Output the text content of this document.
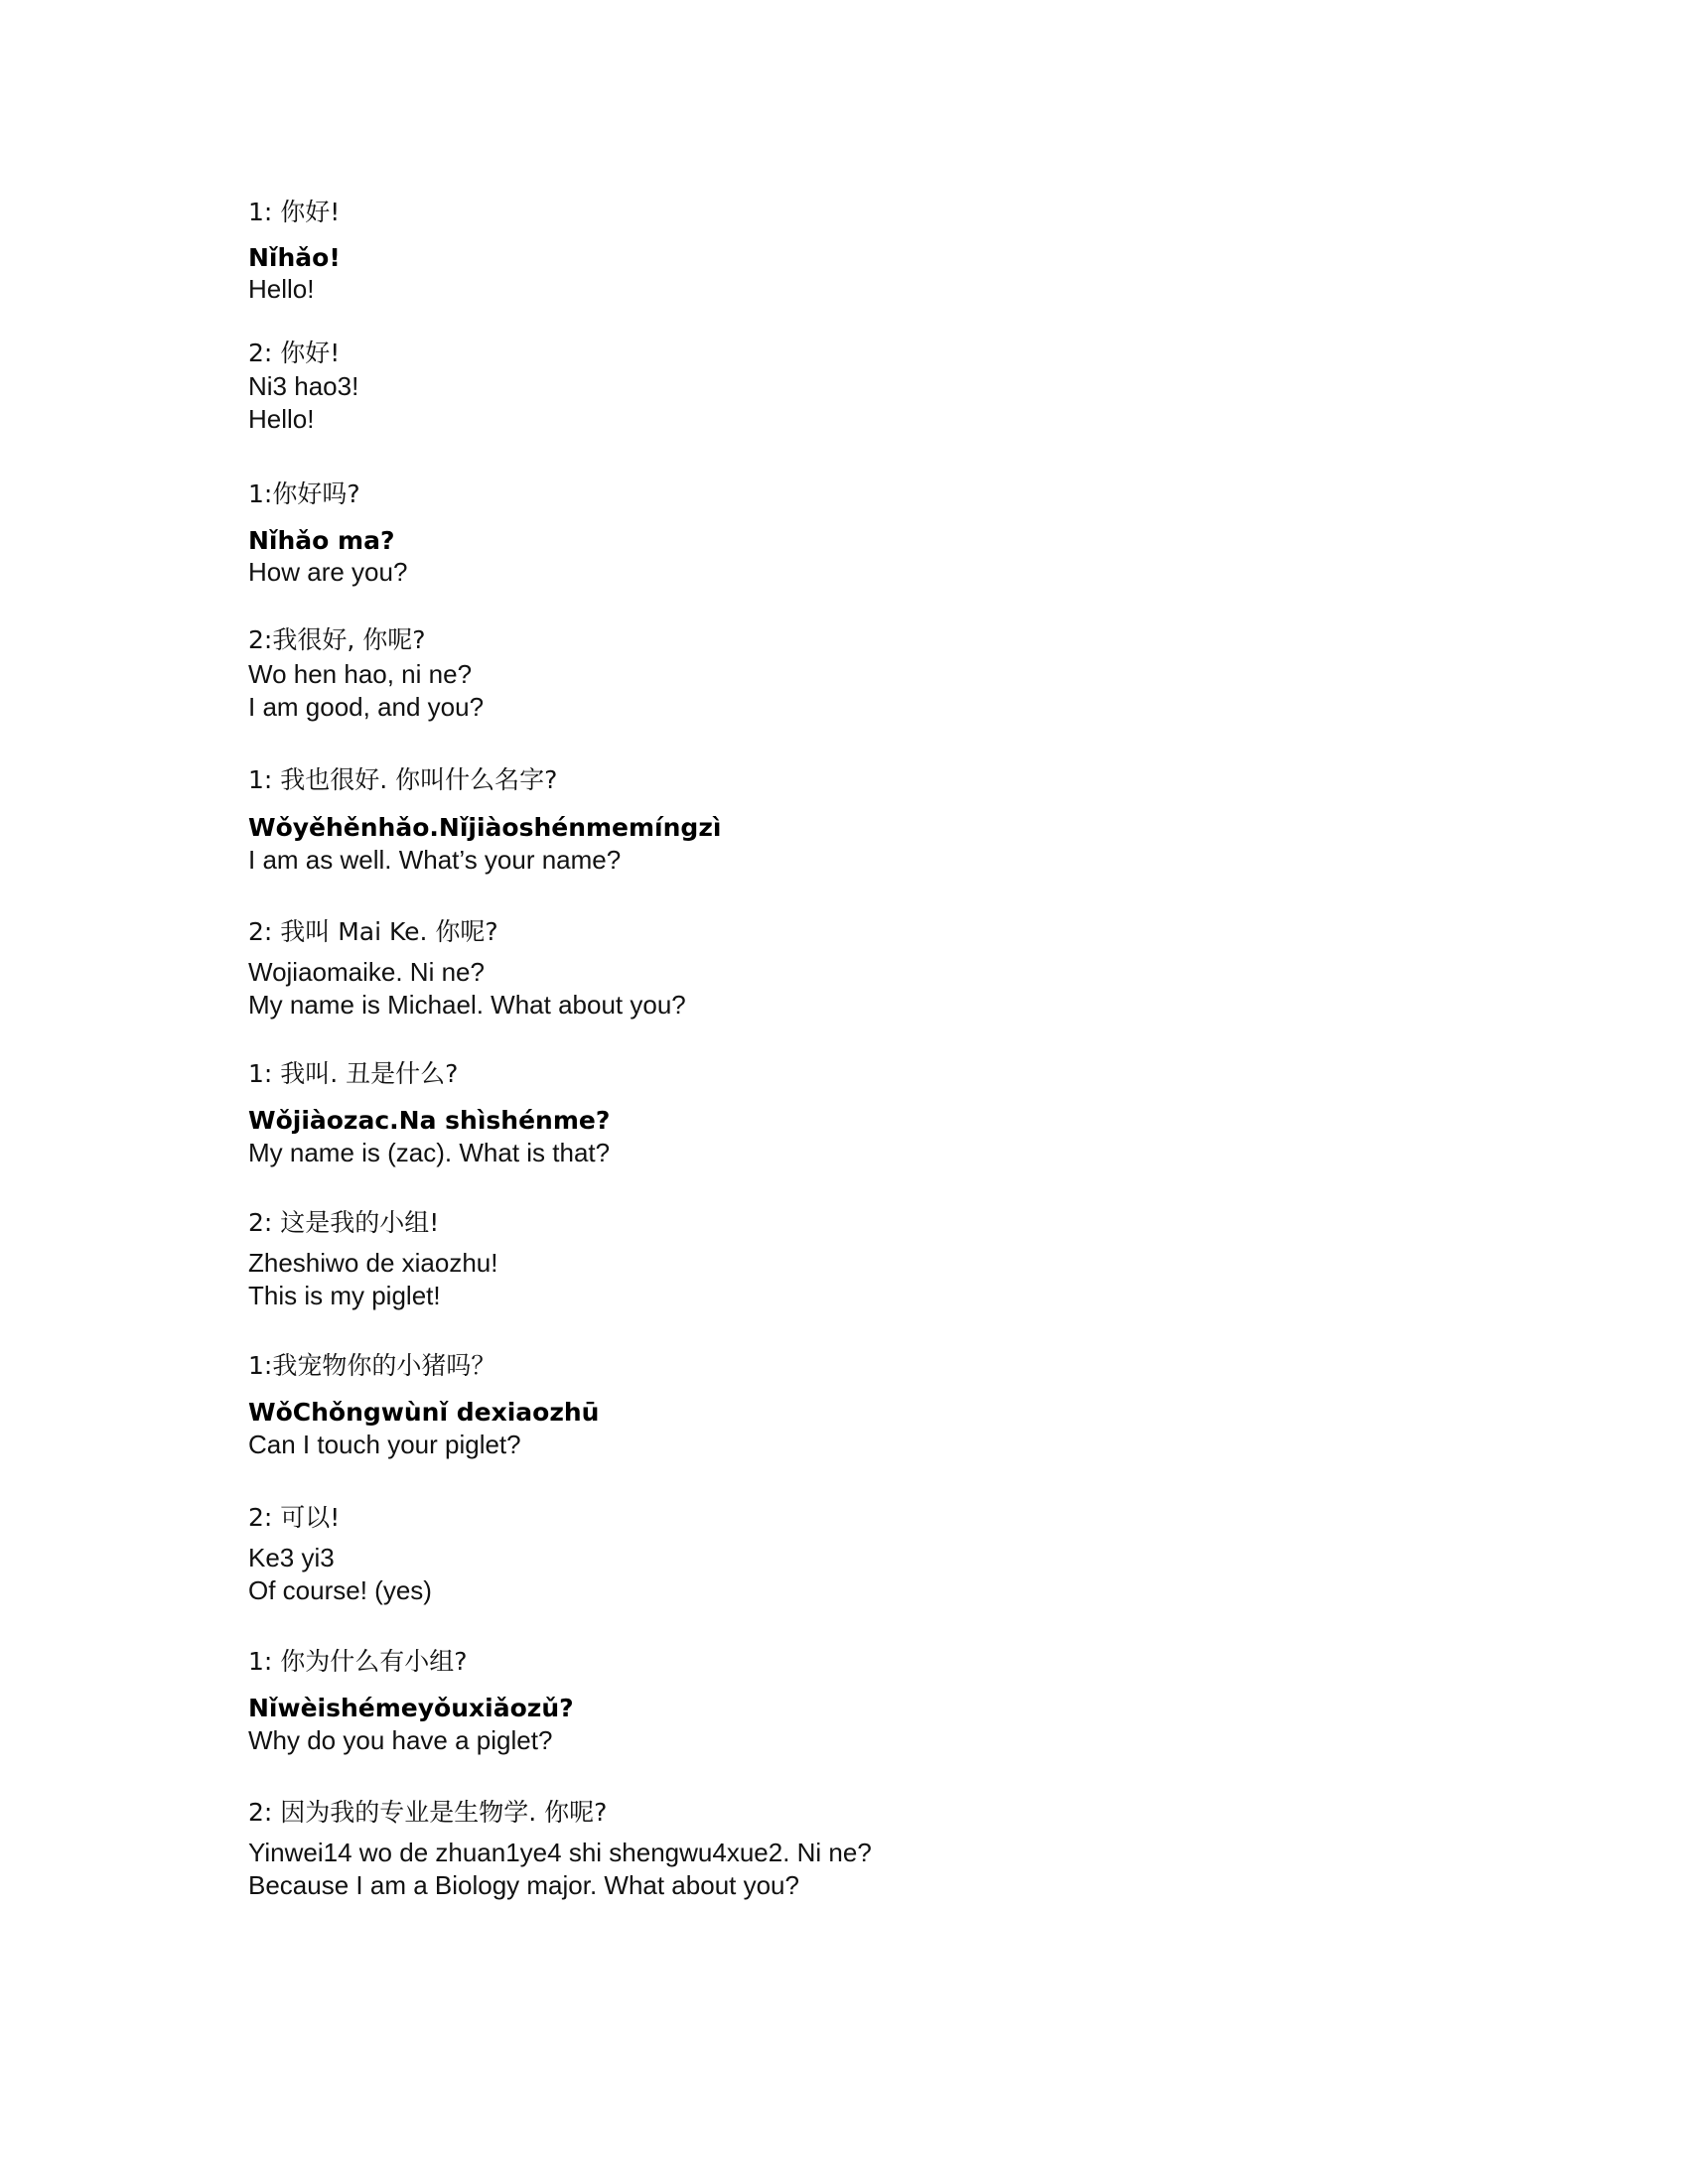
1: 你好!
Nǐhǎo!
Hello!
2: 你好!
Ni3 hao3!
Hello!
1:你好吗?
Nǐhǎo ma?
How are you?
2:我很好, 你呢?
Wo hen hao, ni ne?
I am good, and you?
1: 我也很好. 你叫什么名字?
Wǒyěhěnhǎo.Nǐjiàoshénmemíngzì
I am as well. What’s your name?
2: 我叫 Mai Ke. 你呢?
Wojiaomaike. Ni ne?
My name is Michael. What about you?
1: 我叫. 丑是什么?
Wǒjiàozac.Na shìshénme?
My name is (zac). What is that?
2: 这是我的小组!
Zheshiwo de xiaozhu!
This is my piglet!
1:我宠物你的小猪吗？
WǒChǒngwùnǐ dexiaozhū
Can I touch your piglet?
2: 可以!
Ke3 yi3
Of course! (yes)
1: 你为什么有小组?
Nǐwèishémeyǒuxiǎozǔ?
Why do you have a piglet?
2: 因为我的专业是生物学. 你呢?
Yinwei14 wo de zhuan1ye4 shi shengwu4xue2. Ni ne?
Because I am a Biology major. What about you?
